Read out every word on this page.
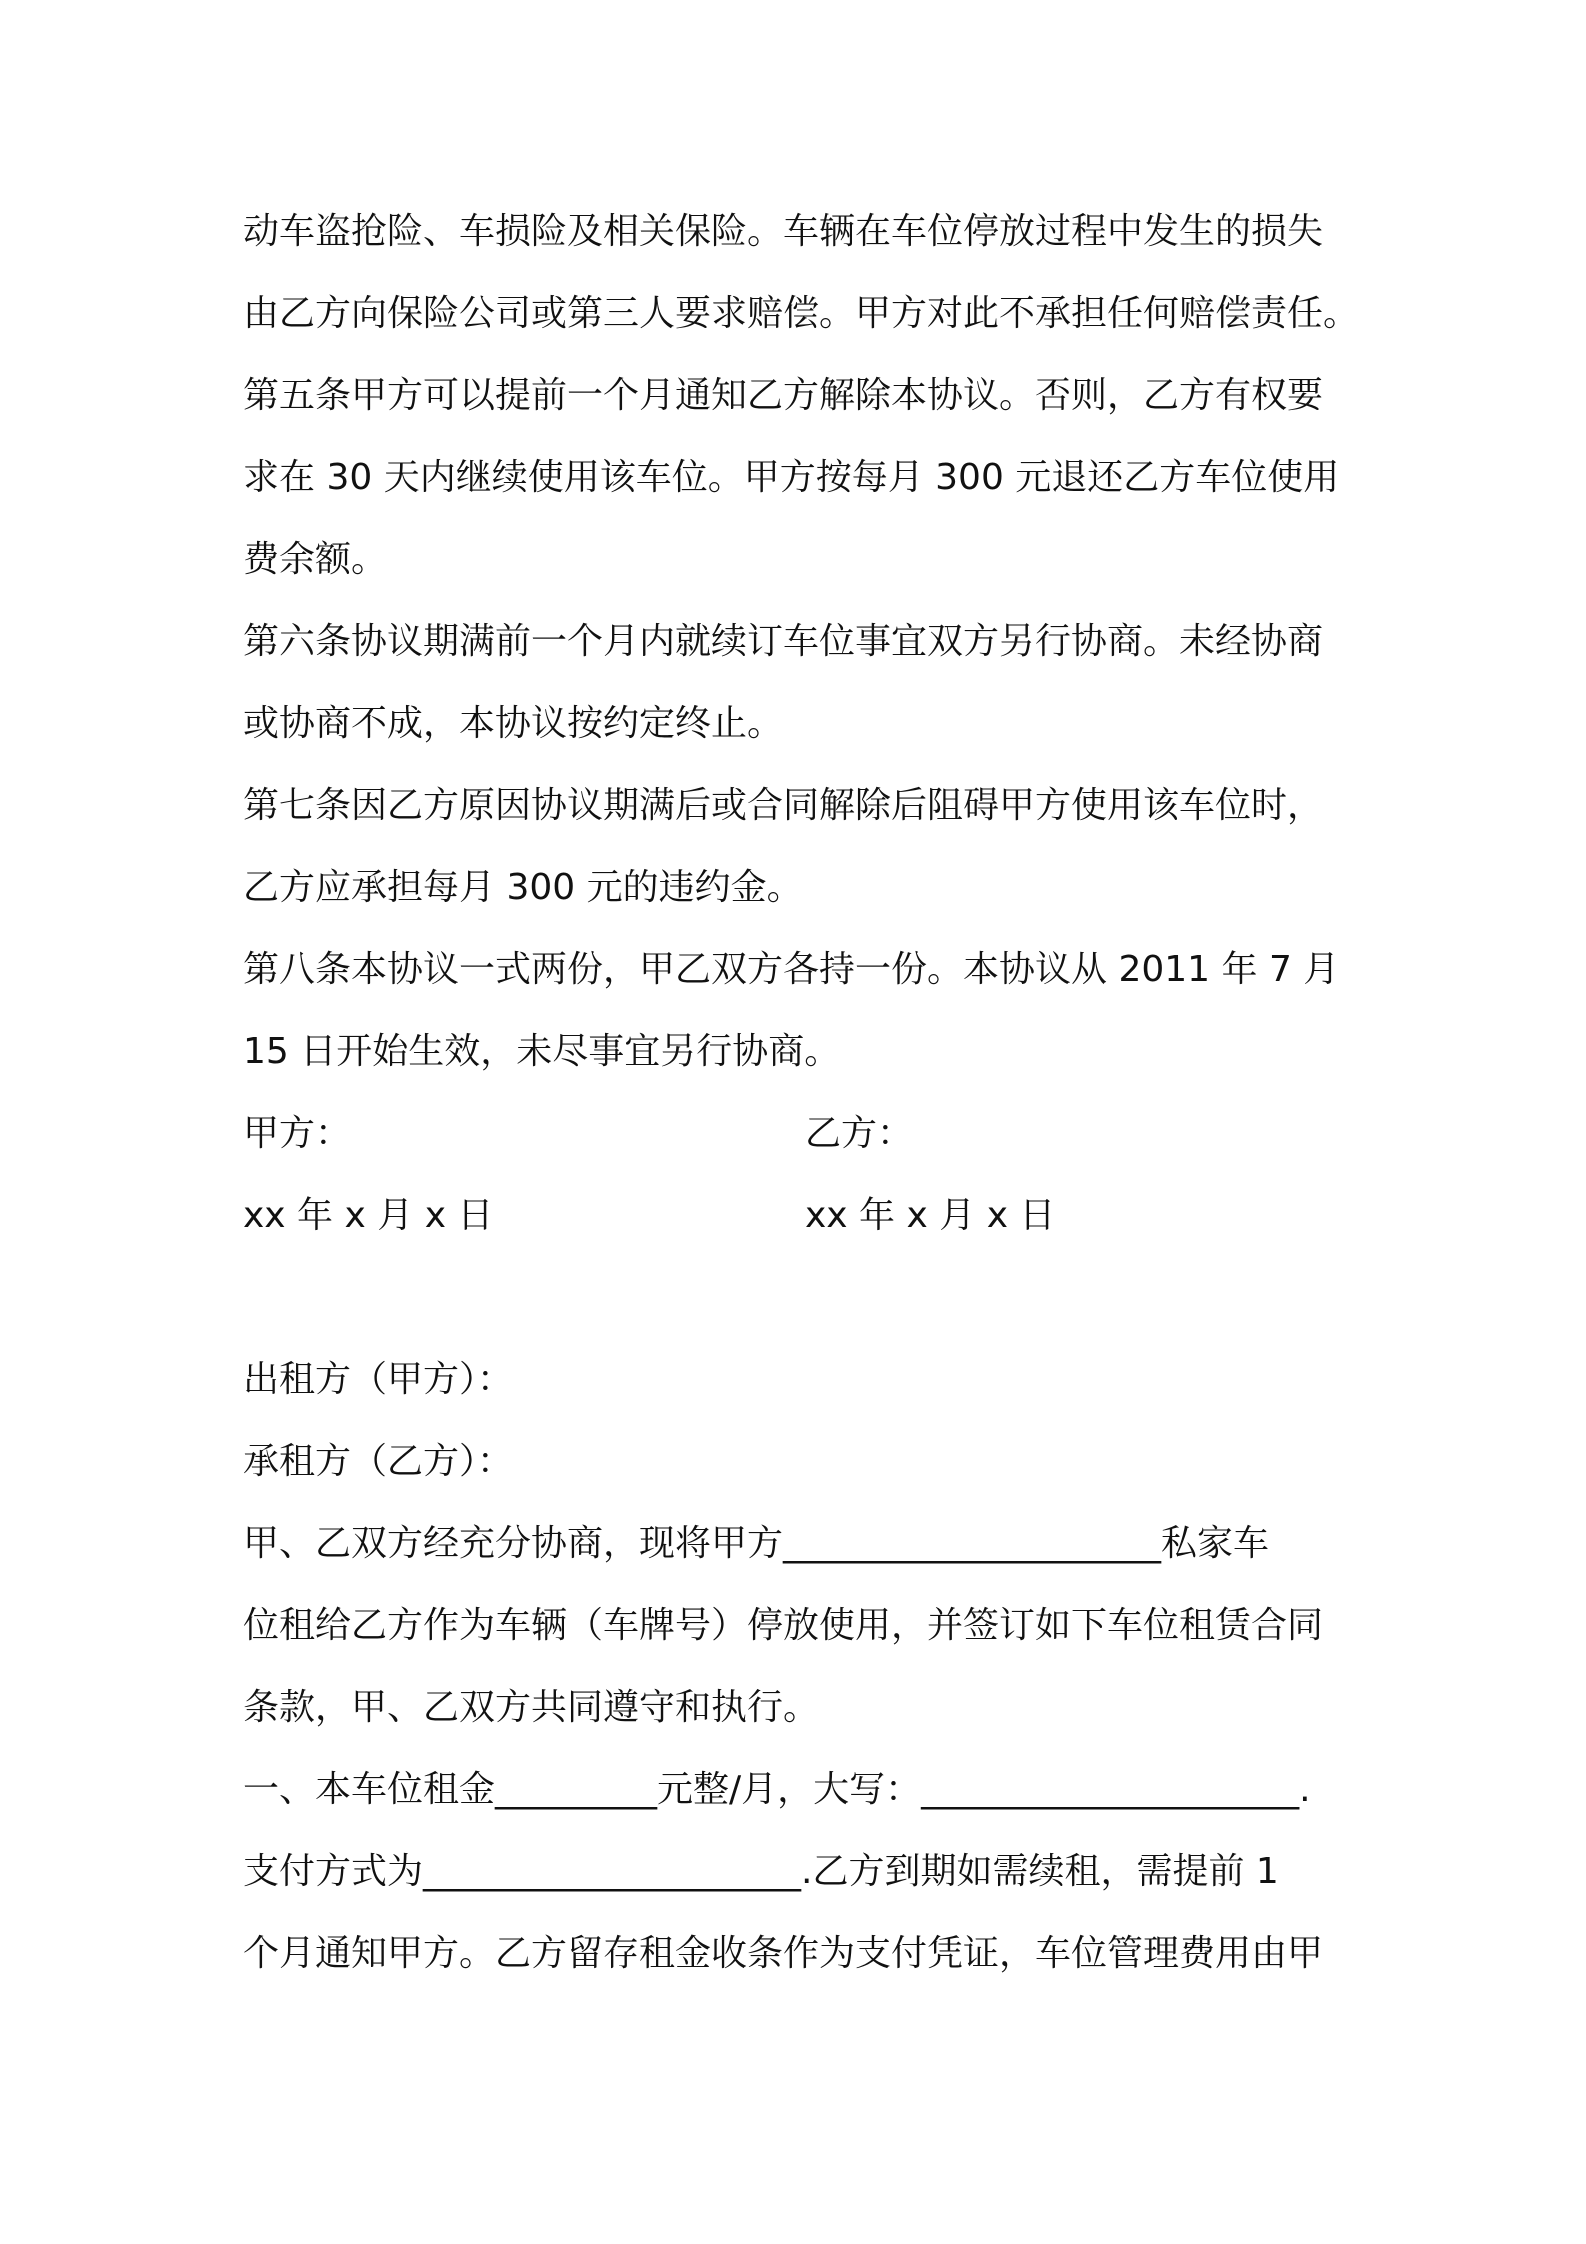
动车盗抢险、车损险及相关保险。车辆在车位停放过程中发生的损失

由乙方向保险公司或第三人要求赔偿。甲方对此不承担任何赔偿责任。

第五条甲方可以提前一个月通知乙方解除本协议。否则，乙方有权要

求在 30 天内继续使用该车位。甲方按每月 300 元退还乙方车位使用

费余额。

第六条协议期满前一个月内就续订车位事宜双方另行协商。未经协商

或协商不成，本协议按约定终止。

第七条因乙方原因协议期满后或合同解除后阻碍甲方使用该车位时，

乙方应承担每月 300 元的违约金。

第八条本协议一式两份，甲乙双方各持一份。本协议从 2011 年 7 月

15 日开始生效，未尽事宜另行协商。

甲方：	乙方：

xx 年 x 月 x 日	xx 年 x 月 x 日

出租方（甲方）：

承租方（乙方）：

甲、乙双方经充分协商，现将甲方_____________________私家车

位租给乙方作为车辆（车牌号）停放使用，并签订如下车位租赁合同

条款，甲、乙双方共同遵守和执行。

一、本车位租金_________元整/月，大写：_____________________.

支付方式为_____________________.乙方到期如需续租，需提前 1

个月通知甲方。乙方留存租金收条作为支付凭证，车位管理费用由甲
